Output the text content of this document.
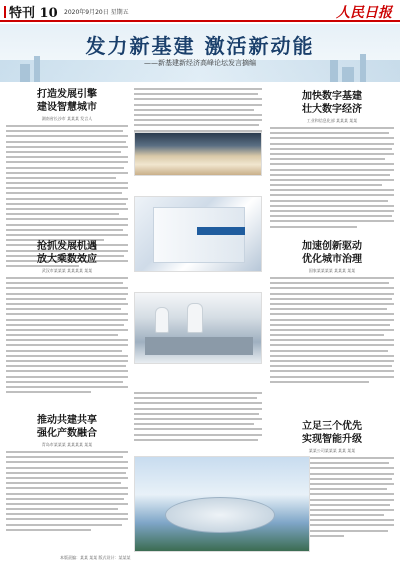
特刊 10 2020年9月20日 星期五	人民日报
发力新基建 激活新动能
——新基建新经济高峰论坛发言摘编
打造发展引擎
建设智慧城市
湖南省长沙市 某某某 发言人
加快数字基建
壮大数字经济
工业和信息化部 某某某 某某
抢抓发展机遇
放大乘数效应
武汉市某某某 某某某某 某某
加速创新驱动
优化城市治理
国家某某某某 某某某 某某
推动共建共享
强化产数融合
青岛市某某某 某某某某 某某
立足三个优先
实现智能升级
某某公司某某某 某某 某某
本版责编：某某 某某 版式设计：某某某
